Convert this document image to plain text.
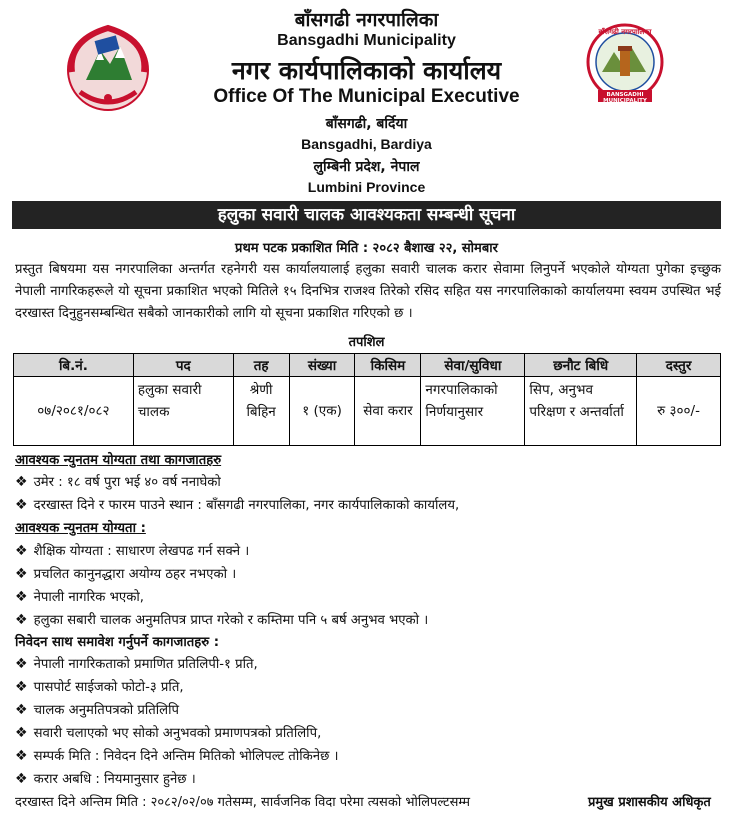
बाँसगढी नगरपालिका
BANSGADHI MUNICIPALITY
बाँसगढी नगरपालिका
Bansgadhi Municipality
नगर कार्यपालिकाको कार्यालय
Office Of The Municipal Executive
बाँसगढी, बर्दिया
Bansgadhi, Bardiya
लुम्बिनी प्रदेश, नेपाल
Lumbini Province
हलुका सवारी चालक आवश्यकता सम्बन्धी सूचना
प्रथम पटक प्रकाशित मिति : २०८२ बैशाख २२, सोमबार
प्रस्तुत बिषयमा यस नगरपालिका अन्तर्गत रहनेगरी यस कार्यालयालाई हलुका सवारी चालक करार सेवामा लिनुपर्ने भएकोले योग्यता पुगेका इच्छुक नेपाली नागरिकहरूले यो सूचना प्रकाशित भएको मितिले १५ दिनभित्र राजश्व तिरेको रसिद सहित यस नगरपालिकाको कार्यालयमा स्वयम उपस्थित भई दरखास्त दिनुहुनसम्बन्धित सबैको जानकारीको लागि यो सूचना प्रकाशित गरिएको छ ।
तपशिल
बि.नं.	पद	तह	संख्या	किसिम	सेवा/सुविधा	छनौट बिधि	दस्तुर
०७/२०८१/०८२	हलुका सवारी चालक	श्रेणी बिहिन	१ (एक)	सेवा करार	नगरपालिकाको निर्णयानुसार	सिप, अनुभव परिक्षण र अन्तर्वार्ता	रु ३००/-
आवश्यक न्युनतम योग्यता तथा कागजातहरु
❖ उमेर : १८ वर्ष पुरा भई ४० वर्ष ननाघेको
❖ दरखास्त दिने र फारम पाउने स्थान : बाँसगढी नगरपालिका, नगर कार्यपालिकाको कार्यालय,
आवश्यक न्युनतम योग्यता :
❖ शैक्षिक योग्यता : साधारण लेखपढ गर्न सक्ने ।
❖ प्रचलित कानुनद्धारा अयोग्य ठहर नभएको ।
❖ नेपाली नागरिक भएको,
❖ हलुका सबारी चालक अनुमतिपत्र प्राप्त गरेको र कम्तिमा पनि ५ बर्ष अनुभव भएको ।
निवेदन साथ समावेश गर्नुपर्ने कागजातहरु :
❖ नेपाली नागरिकताको प्रमाणित प्रतिलिपी-१ प्रति,
❖ पासपोर्ट साईजको फोटो-३ प्रति,
❖ चालक अनुमतिपत्रको प्रतिलिपि
❖ सवारी चलाएको भए सोको अनुभवको प्रमाणपत्रको प्रतिलिपि,
❖ सम्पर्क मिति : निवेदन दिने अन्तिम मितिको भोलिपल्ट तोकिनेछ ।
❖ करार अबधि : नियमानुसार हुनेछ ।
दरखास्त दिने अन्तिम मिति : २०८२/०२/०७ गतेसम्म, सार्वजनिक विदा परेमा त्यसको भोलिपल्टसम्म	प्रमुख प्रशासकीय अधिकृत
